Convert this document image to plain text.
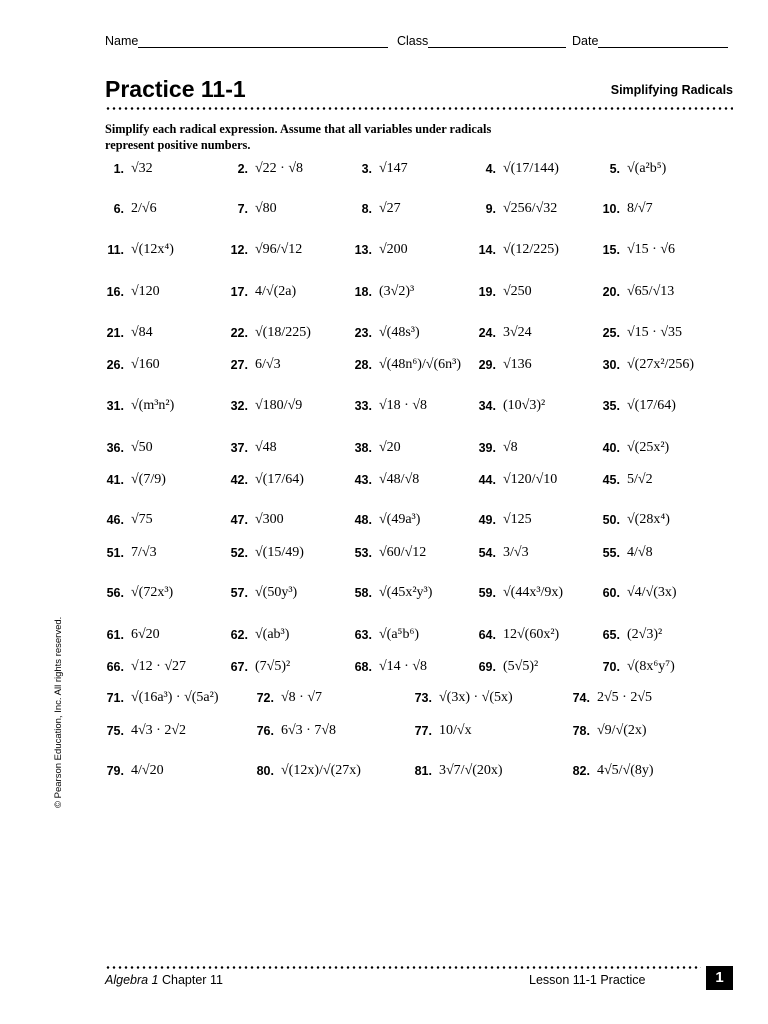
Name	Class	Date
Practice 11-1	Simplifying Radicals
Simplify each radical expression. Assume that all variables under radicals represent positive numbers.
1. √32	2. √22 · √8	3. √147	4. √(17/144)	5. √(a²b⁵)
6. 2/√6	7. √80	8. √27	9. √256/√32	10. 8/√7
11. √(12x⁴)	12. √96/√12	13. √200	14. √(12/225)	15. √15 · √6
16. √120	17. 4/√(2a)	18. (3√2)³	19. √250	20. √65/√13
21. √84	22. √(18/225)	23. √(48s³)	24. 3√24	25. √15 · √35
26. √160	27. 6/√3	28. √(48n⁶)/√(6n³) 29. √136	30. √(27x²/256)
31. √(m³n²)	32. √180/√9	33. √18 · √8	34. (10√3)²	35. √(17/64)
36. √50	37. √48	38. √20	39. √8	40. √(25x²)
41. √(7/9)	42. √(17/64)	43. √48/√8	44. √120/√10	45. 5/√2
46. √75	47. √300	48. √(49a³)	49. √125	50. √(28x⁴)
51. 7/√3	52. √(15/49)	53. √60/√12	54. 3/√3	55. 4/√8
56. √(72x³)	57. √(50y³)	58. √(45x²y³)	59. √(44x³/9x)	60. √4/√(3x)
61. 6√20	62. √(ab³)	63. √(a⁵b⁶)	64. 12√(60x²)	65. (2√3)²
66. √12 · √27	67. (7√5)²	68. √14 · √8	69. (5√5)²	70. √(8x⁶y⁷)
71. √(16a³) · √(5a²)	72. √8 · √7	73. √(3x) · √(5x)	74. 2√5 · 2√5
75. 4√3 · 2√2	76. 6√3 · 7√8	77. 10/√x	78. √9/√(2x)
79. 4/√20	80. √(12x)/√(27x)	81. 3√7/√(20x)	82. 4√5/√(8y)
Algebra 1 Chapter 11	Lesson 11-1 Practice	1
© Pearson Education, Inc. All rights reserved.
